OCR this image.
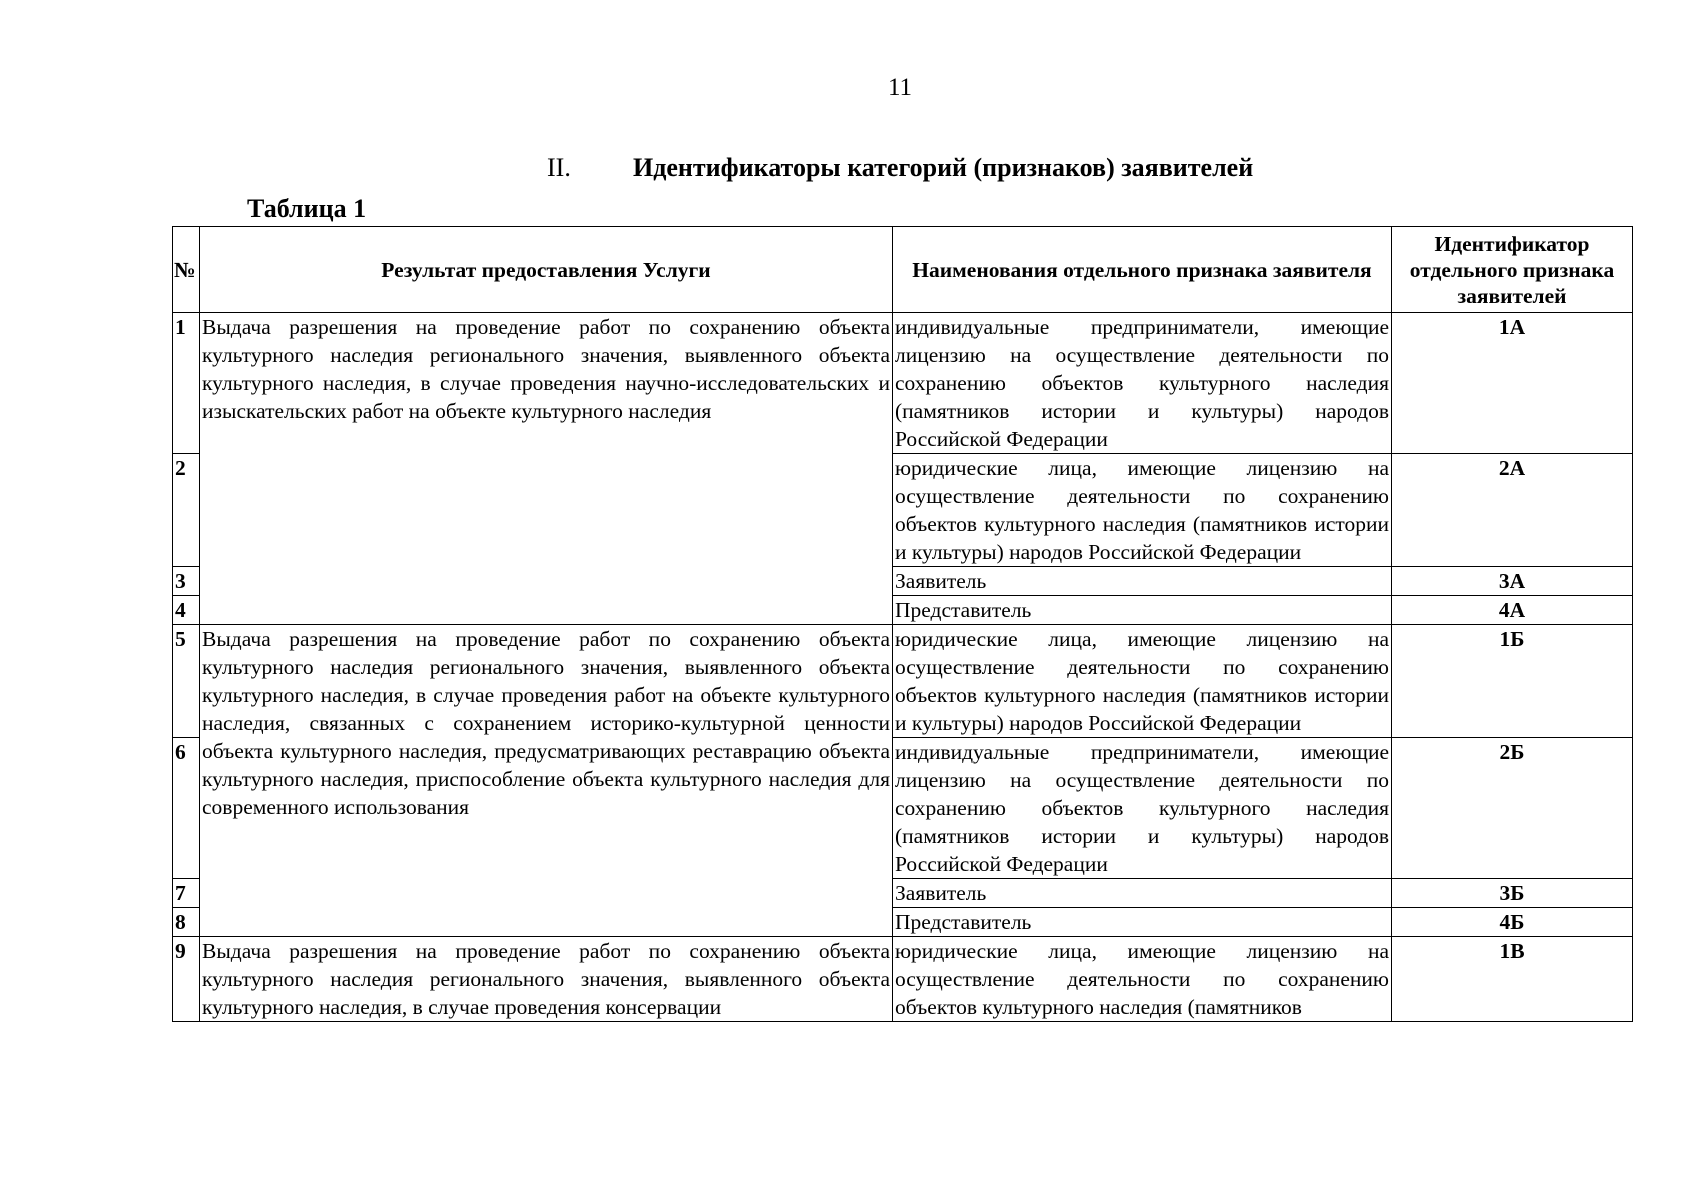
11
II. Идентификаторы категорий (признаков) заявителей
Таблица 1
№	Результат предоставления Услуги	Наименования отдельного признака заявителя	Идентификатор отдельного признака заявителей
1	Выдача разрешения на проведение работ по сохранению объекта культурного наследия регионального значения, выявленного объекта культурного наследия, в случае проведения научно-исследовательских и изыскательских работ на объекте культурного наследия	индивидуальные предприниматели, имеющие лицензию на осуществление деятельности по сохранению объектов культурного наследия (памятников истории и культуры) народов Российской Федерации	1А
2		юридические лица, имеющие лицензию на осуществление деятельности по сохранению объектов культурного наследия (памятников истории и культуры) народов Российской Федерации	2А
3		Заявитель	3А
4		Представитель	4А
5	Выдача разрешения на проведение работ по сохранению объекта культурного наследия регионального значения, выявленного объекта культурного наследия, в случае проведения работ на объекте культурного наследия, связанных с сохранением историко-культурной ценности объекта культурного наследия, предусматривающих реставрацию объекта культурного наследия, приспособление объекта культурного наследия для современного использования	юридические лица, имеющие лицензию на осуществление деятельности по сохранению объектов культурного наследия (памятников истории и культуры) народов Российской Федерации	1Б
6		индивидуальные предприниматели, имеющие лицензию на осуществление деятельности по сохранению объектов культурного наследия (памятников истории и культуры) народов Российской Федерации	2Б
7		Заявитель	3Б
8		Представитель	4Б
9	Выдача разрешения на проведение работ по сохранению объекта культурного наследия регионального значения, выявленного объекта культурного наследия, в случае проведения консервации	юридические лица, имеющие лицензию на осуществление деятельности по сохранению объектов культурного наследия (памятников	1В
